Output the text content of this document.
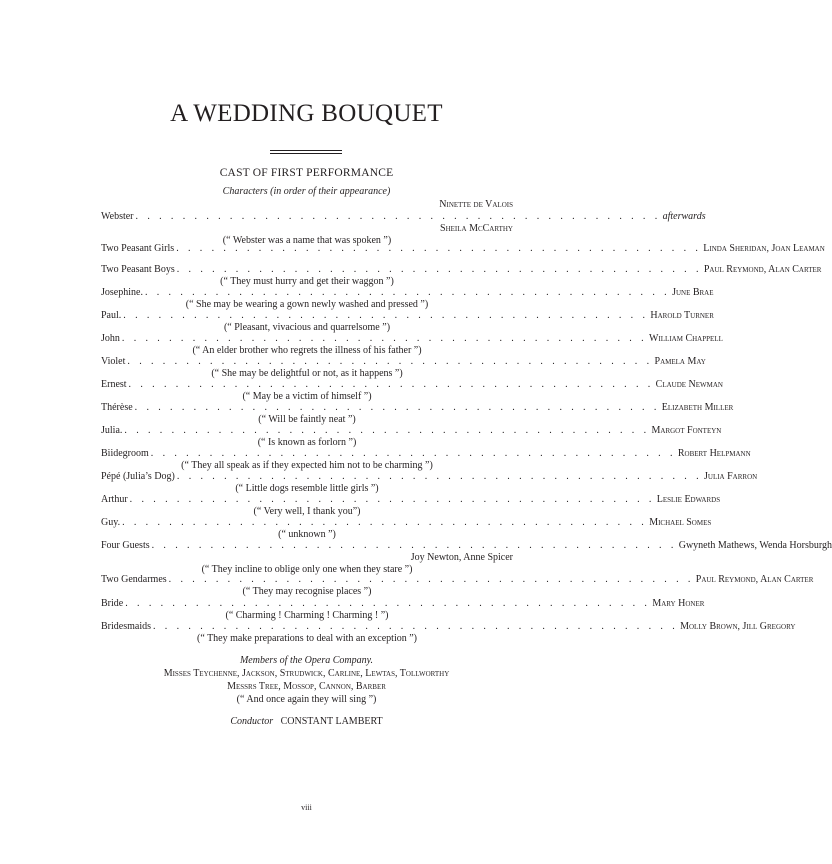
A WEDDING BOUQUET
CAST OF FIRST PERFORMANCE
Characters (in order of their appearance)
Ninette de Valois
Webster . . . . . . . . . . . . . . . . . . . . . . . . . . . . . . . . . . . . . . . . . . . . . afterwards
Sheila McCarthy
(“ Webster was a name that was spoken ”)
Two Peasant Girls . . . . . . . . . . . . . . . . . . . . . . . . . . . . . . . . . . . . . . . . . . . . . Linda Sheridan, Joan Leaman
Two Peasant Boys . . . . . . . . . . . . . . . . . . . . . . . . . . . . . . . . . . . . . . . . . . . . . Paul Reymond, Alan Carter
(“ They must hurry and get their waggon ”)
Josephine. . . . . . . . . . . . . . . . . . . . . . . . . . . . . . . . . . . . . . . . . . . . . . June Brae
(“ She may be wearing a gown newly washed and pressed ”)
Paul. . . . . . . . . . . . . . . . . . . . . . . . . . . . . . . . . . . . . . . . . . . . . . Harold Turner
(“ Pleasant, vivacious and quarrelsome ”)
John . . . . . . . . . . . . . . . . . . . . . . . . . . . . . . . . . . . . . . . . . . . . . William Chappell
(“ An elder brother who regrets the illness of his father ”)
Violet . . . . . . . . . . . . . . . . . . . . . . . . . . . . . . . . . . . . . . . . . . . . . Pamela May
(“ She may be delightful or not, as it happens ”)
Ernest . . . . . . . . . . . . . . . . . . . . . . . . . . . . . . . . . . . . . . . . . . . . . Claude Newman
(“ May be a victim of himself ”)
Thérèse . . . . . . . . . . . . . . . . . . . . . . . . . . . . . . . . . . . . . . . . . . . . . Elizabeth Miller
(“ Will be faintly neat ”)
Julia. . . . . . . . . . . . . . . . . . . . . . . . . . . . . . . . . . . . . . . . . . . . . . Margot Fonteyn
(“ Is known as forlorn ”)
Biidegroom . . . . . . . . . . . . . . . . . . . . . . . . . . . . . . . . . . . . . . . . . . . . . Robert Helpmann
(“ They all speak as if they expected him not to be charming ”)
Pépé (Julia’s Dog) . . . . . . . . . . . . . . . . . . . . . . . . . . . . . . . . . . . . . . . . . . . . . Julia Farron
(“ Little dogs resemble little girls ”)
Arthur . . . . . . . . . . . . . . . . . . . . . . . . . . . . . . . . . . . . . . . . . . . . . Leslie Edwards
(“ Very well, I thank you”)
Guy. . . . . . . . . . . . . . . . . . . . . . . . . . . . . . . . . . . . . . . . . . . . . . Michael Somes
(“ unknown ”)
Four Guests . . . . . . . . . . . . . . . . . . . . . . . . . . . . . . . . . . . . . . . . . . . . . Gwyneth Mathews, Wenda Horsburgh
Joy Newton, Anne Spicer
(“ They incline to oblige only one when they stare ”)
Two Gendarmes . . . . . . . . . . . . . . . . . . . . . . . . . . . . . . . . . . . . . . . . . . . . . Paul Reymond, Alan Carter
(“ They may recognise places ”)
Bride . . . . . . . . . . . . . . . . . . . . . . . . . . . . . . . . . . . . . . . . . . . . . Mary Honer
(“ Charming ! Charming ! Charming ! ”)
Bridesmaids . . . . . . . . . . . . . . . . . . . . . . . . . . . . . . . . . . . . . . . . . . . . . Molly Brown, Jill Gregory
(“ They make preparations to deal with an exception ”)
Members of the Opera Company.
Misses Teychenne, Jackson, Strudwick, Carline, Lewtas, Tollworthy
Messrs Tree, Mossop, Cannon, Barber
(“ And once again they will sing ”)
Conductor CONSTANT LAMBERT
viii
